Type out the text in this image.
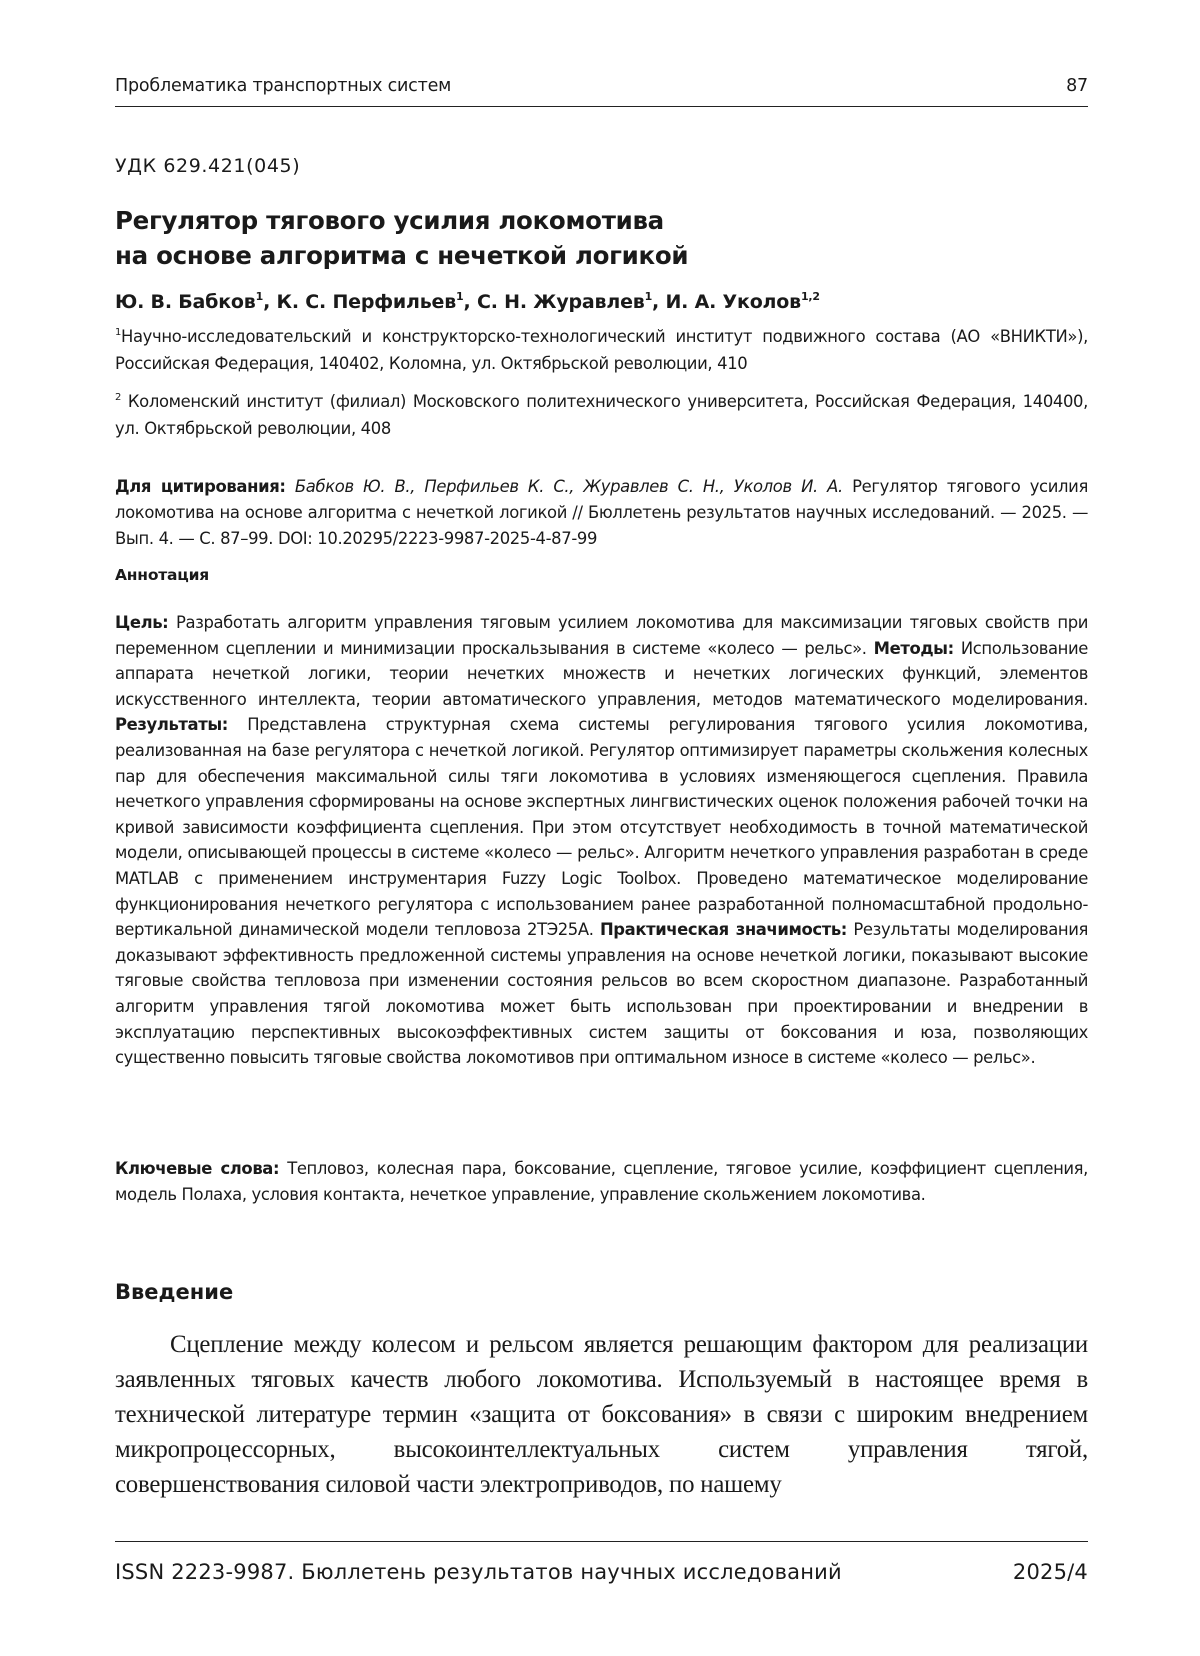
Проблематика транспортных систем	87
УДК 629.421(045)
Регулятор тягового усилия локомотива
на основе алгоритма с нечеткой логикой
Ю. В. Бабков$^1$, К. С. Перфильев$^1$, С. Н. Журавлев$^1$, И. А. Уколов$^{1,2}$
$^1$Научно-исследовательский и конструкторско-технологический институт подвижного состава (АО «ВНИКТИ»), Российская Федерация, 140402, Коломна, ул. Октябрьской революции, 410
$^2$ Коломенский институт (филиал) Московского политехнического университета, Российская Федерация, 140400, ул. Октябрьской революции, 408
Для цитирования: Бабков Ю. В., Перфильев К. С., Журавлев С. Н., Уколов И. А. Регулятор тягового усилия локомотива на основе алгоритма с нечеткой логикой // Бюллетень результатов научных исследований. — 2025. — Вып. 4. — С. 87–99. DOI: 10.20295/2223-9987-2025-4-87-99
Аннотация
Цель: Разработать алгоритм управления тяговым усилием локомотива для максимизации тяговых свойств при переменном сцеплении и минимизации проскальзывания в системе «колесо — рельс». Методы: Использование аппарата нечеткой логики, теории нечетких множеств и нечетких логических функций, элементов искусственного интеллекта, теории автоматического управления, методов математического моделирования. Результаты: Представлена структурная схема системы регулирования тягового усилия локомотива, реализованная на базе регулятора с нечеткой логикой. Регулятор оптимизирует параметры скольжения колесных пар для обеспечения максимальной силы тяги локомотива в условиях изменяющегося сцепления. Правила нечеткого управления сформированы на основе экспертных лингвистических оценок положения рабочей точки на кривой зависимости коэффициента сцепления. При этом отсутствует необходимость в точной математической модели, описывающей процессы в системе «колесо — рельс». Алгоритм нечеткого управления разработан в среде MATLAB с применением инструментария Fuzzy Logic Toolbox. Проведено математическое моделирование функционирования нечеткого регулятора с использованием ранее разработанной полномасштабной продольно-вертикальной динамической модели тепловоза 2ТЭ25А. Практическая значимость: Результаты моделирования доказывают эффективность предложенной системы управления на основе нечеткой логики, показывают высокие тяговые свойства тепловоза при изменении состояния рельсов во всем скоростном диапазоне. Разработанный алгоритм управления тягой локомотива может быть использован при проектировании и внедрении в эксплуатацию перспективных высокоэффективных систем защиты от боксования и юза, позволяющих существенно повысить тяговые свойства локомотивов при оптимальном износе в системе «колесо — рельс».
Ключевые слова: Тепловоз, колесная пара, боксование, сцепление, тяговое усилие, коэффициент сцепления, модель Полаха, условия контакта, нечеткое управление, управление скольжением локомотива.
Введение
Сцепление между колесом и рельсом является решающим фактором для реализации заявленных тяговых качеств любого локомотива. Используемый в настоящее время в технической литературе термин «защита от боксования» в связи с широким внедрением микропроцессорных, высокоинтеллектуальных систем управления тягой, совершенствования силовой части электроприводов, по нашему
ISSN 2223-9987. Бюллетень результатов научных исследований	2025/4
